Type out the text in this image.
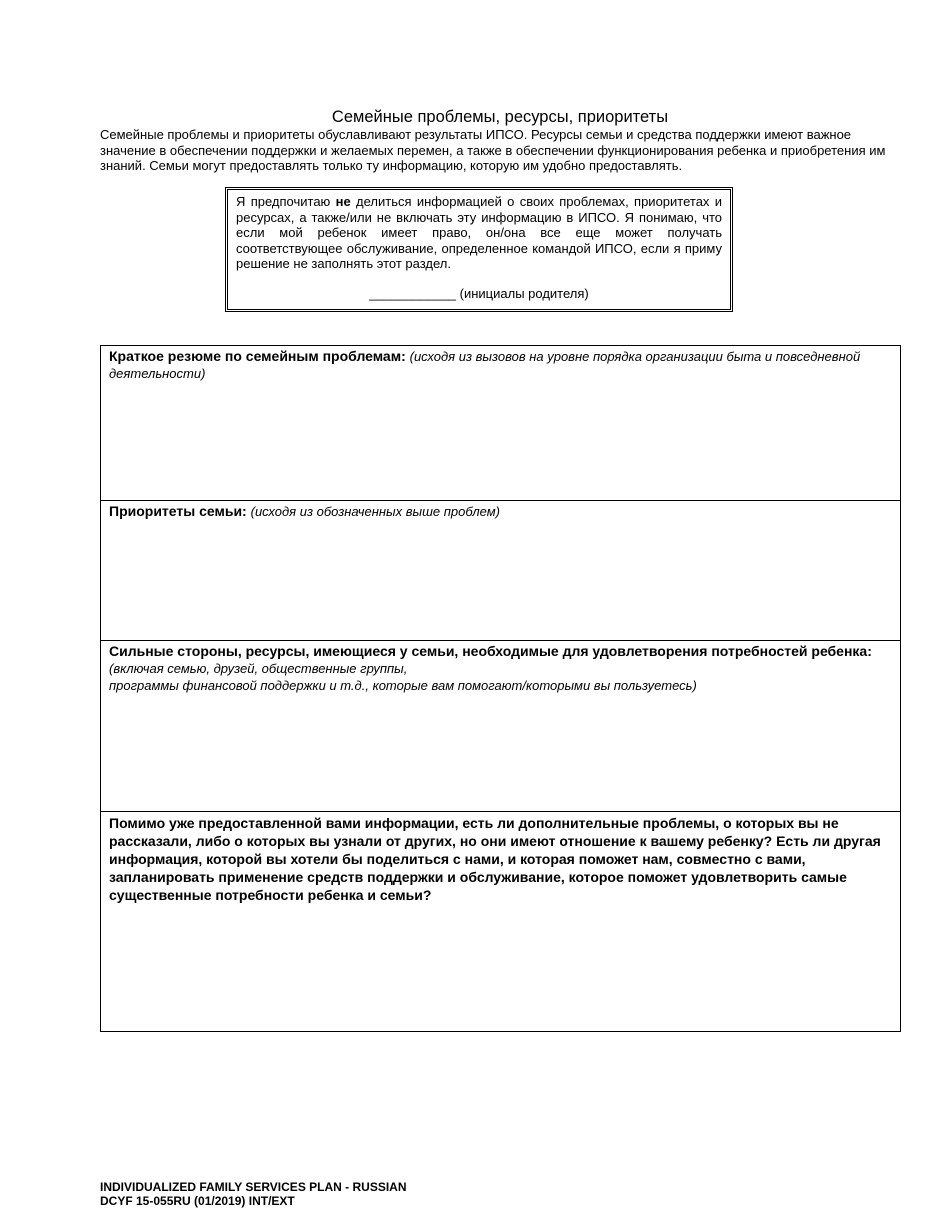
Семейные проблемы, ресурсы, приоритеты

Семейные проблемы и приоритеты обуславливают результаты ИПСО. Ресурсы семьи и средства поддержки имеют важное значение в обеспечении поддержки и желаемых перемен, а также в обеспечении функционирования ребенка и приобретения им знаний. Семьи могут предоставлять только ту информацию, которую им удобно предоставлять.

Я предпочитаю не делиться информацией о своих проблемах, приоритетах и ресурсах, а также/или не включать эту информацию в ИПСО. Я понимаю, что если мой ребенок имеет право, он/она все еще может получать соответствующее обслуживание, определенное командой ИПСО, если я приму решение не заполнять этот раздел.

____________ (инициалы родителя)

Краткое резюме по семейным проблемам: (исходя из вызовов на уровне порядка организации быта и повседневной деятельности)

Приоритеты семьи: (исходя из обозначенных выше проблем)

Сильные стороны, ресурсы, имеющиеся у семьи, необходимые для удовлетворения потребностей ребенка: (включая семью, друзей, общественные группы,
программы финансовой поддержки и т.д., которые вам помогают/которыми вы пользуетесь)

Помимо уже предоставленной вами информации, есть ли дополнительные проблемы, о которых вы не рассказали, либо о которых вы узнали от других, но они имеют отношение к вашему ребенку? Есть ли другая информация, которой вы хотели бы поделиться с нами, и которая поможет нам, совместно с вами, запланировать применение средств поддержки и обслуживание, которое поможет удовлетворить самые существенные потребности ребенка и семьи?

INDIVIDUALIZED FAMILY SERVICES PLAN - RUSSIAN
DCYF 15-055RU (01/2019) INT/EXT
